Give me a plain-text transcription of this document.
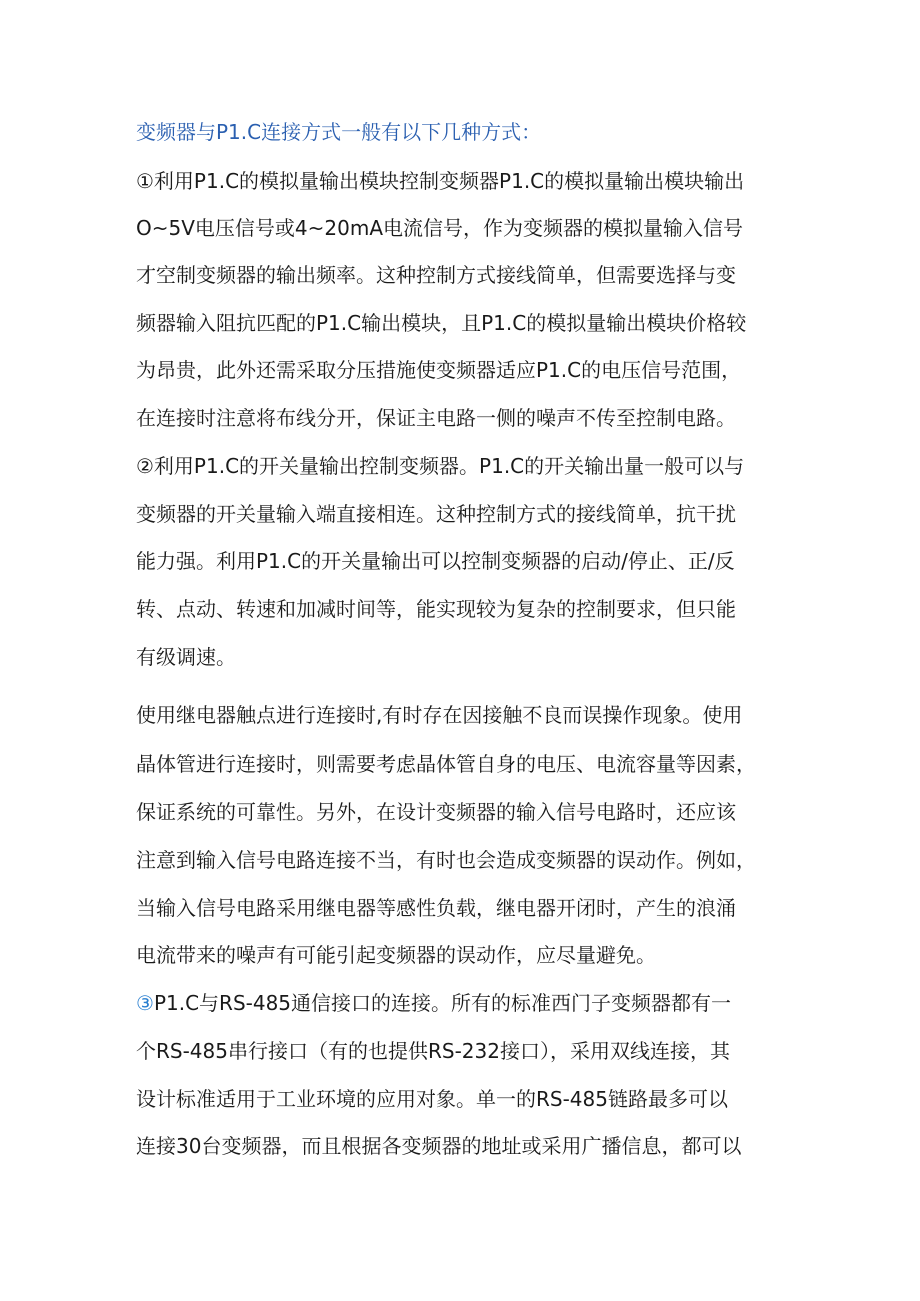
变频器与P1.C连接方式一般有以下几种方式：
①利用P1.C的模拟量输出模块控制变频器P1.C的模拟量输出模块输出
O~5V电压信号或4~20mA电流信号，作为变频器的模拟量输入信号
才空制变频器的输出频率。这种控制方式接线简单，但需要选择与变
频器输入阻抗匹配的P1.C输出模块，且P1.C的模拟量输出模块价格较
为昂贵，此外还需采取分压措施使变频器适应P1.C的电压信号范围，
在连接时注意将布线分开，保证主电路一侧的噪声不传至控制电路。
②利用P1.C的开关量输出控制变频器。P1.C的开关输出量一般可以与
变频器的开关量输入端直接相连。这种控制方式的接线简单，抗干扰
能力强。利用P1.C的开关量输出可以控制变频器的启动/停止、正/反
转、点动、转速和加减时间等，能实现较为复杂的控制要求，但只能
有级调速。
使用继电器触点进行连接时,有时存在因接触不良而误操作现象。使用
晶体管进行连接时，则需要考虑晶体管自身的电压、电流容量等因素，
保证系统的可靠性。另外，在设计变频器的输入信号电路时，还应该
注意到输入信号电路连接不当，有时也会造成变频器的误动作。例如，
当输入信号电路采用继电器等感性负载，继电器开闭时，产生的浪涌
电流带来的噪声有可能引起变频器的误动作，应尽量避免。
③P1.C与RS-485通信接口的连接。所有的标准西门子变频器都有一
个RS-485串行接口（有的也提供RS-232接口），采用双线连接，其
设计标准适用于工业环境的应用对象。单一的RS-485链路最多可以
连接30台变频器，而且根据各变频器的地址或采用广播信息，都可以
